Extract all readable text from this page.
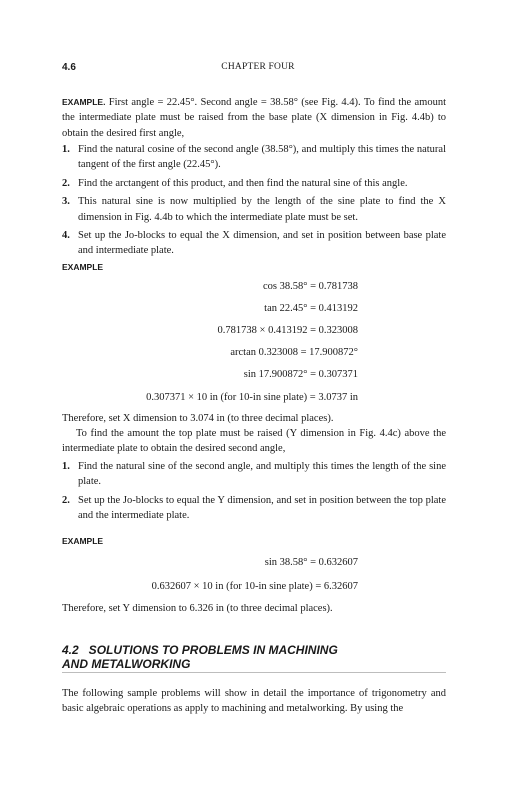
4.6	CHAPTER FOUR

EXAMPLE. First angle = 22.45°. Second angle = 38.58° (see Fig. 4.4). To find the amount the intermediate plate must be raised from the base plate (X dimension in Fig. 4.4b) to obtain the desired first angle,

1. Find the natural cosine of the second angle (38.58°), and multiply this times the natural tangent of the first angle (22.45°).
2. Find the arctangent of this product, and then find the natural sine of this angle.
3. This natural sine is now multiplied by the length of the sine plate to find the X dimension in Fig. 4.4b to which the intermediate plate must be set.
4. Set up the Jo-blocks to equal the X dimension, and set in position between base plate and intermediate plate.
EXAMPLE
cos 38.58° = 0.781738
tan 22.45° = 0.413192
0.781738 × 0.413192 = 0.323008
arctan 0.323008 = 17.900872°
sin 17.900872° = 0.307371
0.307371 × 10 in (for 10-in sine plate) = 3.0737 in

Therefore, set X dimension to 3.074 in (to three decimal places).

To find the amount the top plate must be raised (Y dimension in Fig. 4.4c) above the intermediate plate to obtain the desired second angle,

1. Find the natural sine of the second angle, and multiply this times the length of the sine plate.
2. Set up the Jo-blocks to equal the Y dimension, and set in position between the top plate and the intermediate plate.
EXAMPLE
sin 38.58° = 0.632607
0.632607 × 10 in (for 10-in sine plate) = 6.32607

Therefore, set Y dimension to 6.326 in (to three decimal places).

4.2   SOLUTIONS TO PROBLEMS IN MACHINING
AND METALWORKING

The following sample problems will show in detail the importance of trigonometry and basic algebraic operations as apply to machining and metalworking. By using the
